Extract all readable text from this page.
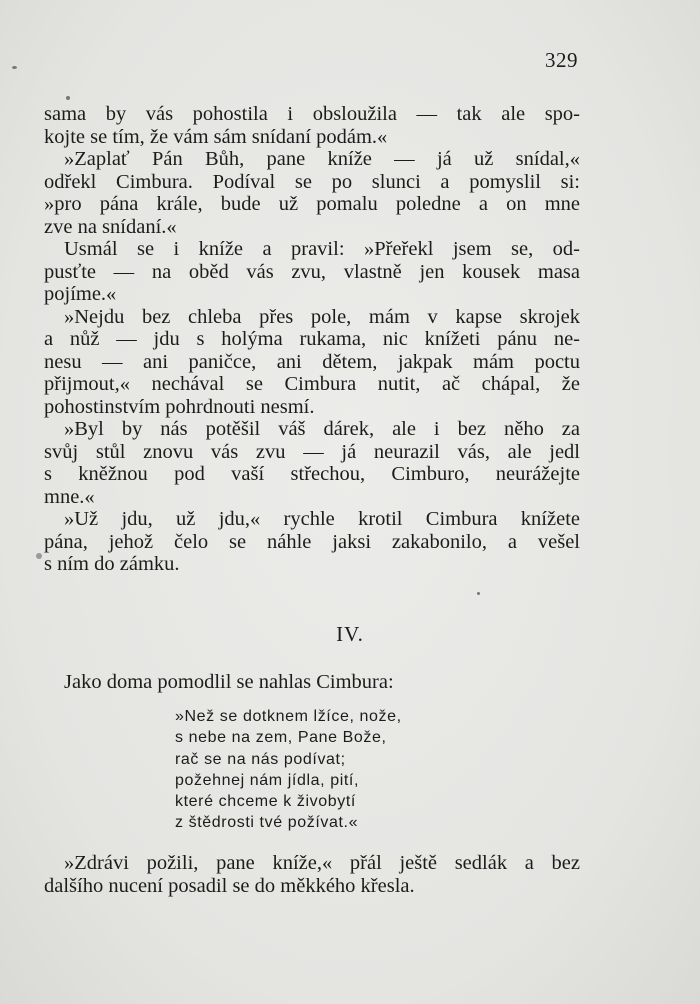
329
sama by vás pohostila i obsloužila — tak ale spo-
kojte se tím, že vám sám snídaní podám.«
»Zaplať Pán Bůh, pane kníže — já už snídal,«
odřekl Cimbura. Podíval se po slunci a pomyslil si:
»pro pána krále, bude už pomalu poledne a on mne
zve na snídaní.«
Usmál se i kníže a pravil: »Přeřekl jsem se, od-
pusťte — na oběd vás zvu, vlastně jen kousek masa
pojíme.«
»Nejdu bez chleba přes pole, mám v kapse skrojek
a nůž — jdu s holýma rukama, nic knížeti pánu ne-
nesu — ani paničce, ani dětem, jakpak mám poctu
přijmout,« nechával se Cimbura nutit, ač chápal, že
pohostinstvím pohrdnouti nesmí.
»Byl by nás potěšil váš dárek, ale i bez něho za
svůj stůl znovu vás zvu — já neurazil vás, ale jedl
s kněžnou pod vaší střechou, Cimburo, neurážejte
mne.«
»Už jdu, už jdu,« rychle krotil Cimbura knížete
pána, jehož čelo se náhle jaksi zakabonilo, a vešel
s ním do zámku.
IV.
Jako doma pomodlil se nahlas Cimbura:
»Než se dotknem lžíce, nože,
s nebe na zem, Pane Bože,
rač se na nás podívat;
požehnej nám jídla, pití,
které chceme k živobytí
z štědrosti tvé požívat.«
»Zdrávi požili, pane kníže,« přál ještě sedlák a bez
dalšího nucení posadil se do měkkého křesla.
